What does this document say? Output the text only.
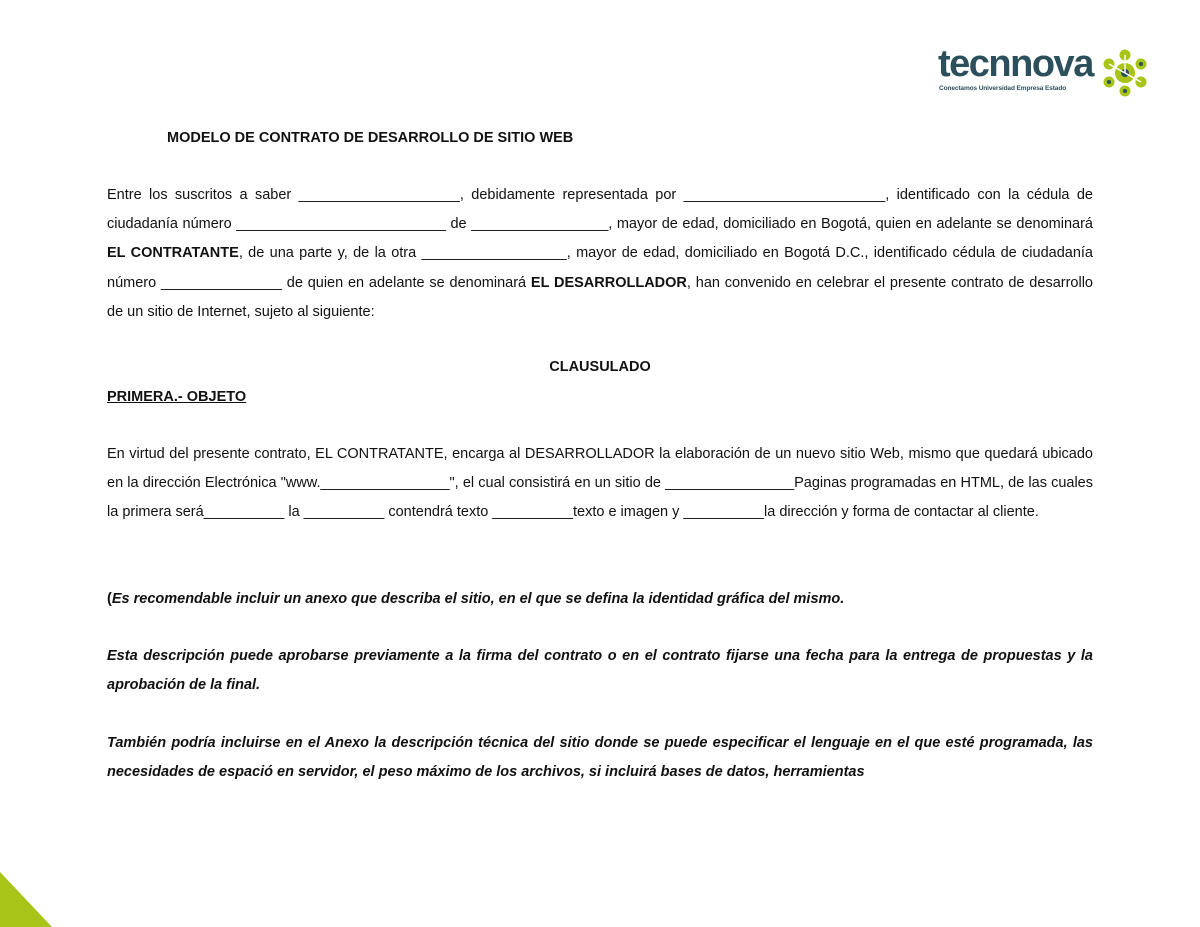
tecnnova
Conectamos Universidad Empresa Estado
MODELO DE CONTRATO DE DESARROLLO DE SITIO WEB

Entre los suscritos a saber ____________________, debidamente representada por _________________________, identificado con la cédula de ciudadanía número __________________________ de _________________, mayor de edad, domiciliado en Bogotá, quien en adelante se denominará EL CONTRATANTE, de una parte y, de la otra __________________, mayor de edad, domiciliado en Bogotá D.C., identificado cédula de ciudadanía número _______________ de quien en adelante se denominará EL DESARROLLADOR, han convenido en celebrar el presente contrato de desarrollo de un sitio de Internet, sujeto al siguiente:

CLAUSULADO
PRIMERA.- OBJETO

En virtud del presente contrato, EL CONTRATANTE, encarga al DESARROLLADOR la elaboración de un nuevo sitio Web, mismo que quedará ubicado en la dirección Electrónica "www.________________", el cual consistirá en un sitio de ________________Paginas programadas en HTML, de las cuales la primera será__________ la __________ contendrá texto __________texto e imagen y __________la dirección y forma de contactar al cliente.

(Es recomendable incluir un anexo que describa el sitio, en el que se defina la identidad gráfica del mismo.

Esta descripción puede aprobarse previamente a la firma del contrato o en el contrato fijarse una fecha para la entrega de propuestas y la aprobación de la final.

También podría incluirse en el Anexo la descripción técnica del sitio donde se puede especificar el lenguaje en el que esté programada, las necesidades de espació en servidor, el peso máximo de los archivos, si incluirá bases de datos, herramientas
